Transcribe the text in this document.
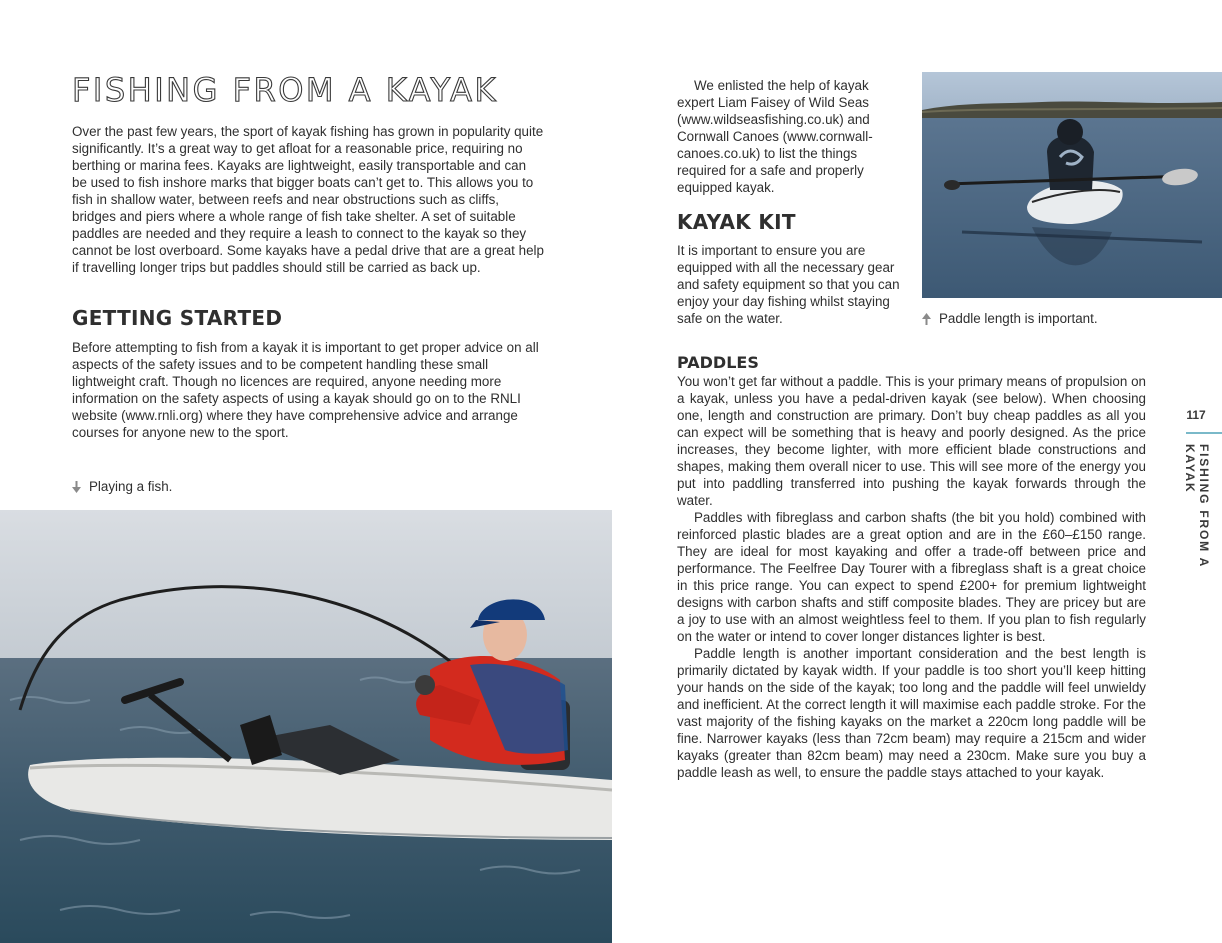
FISHING FROM A KAYAK

Over the past few years, the sport of kayak fishing has grown in popularity quite significantly. It’s a great way to get afloat for a reasonable price, requiring no berthing or marina fees. Kayaks are lightweight, easily transportable and can be used to fish inshore marks that bigger boats can’t get to. This allows you to fish in shallow water, between reefs and near obstructions such as cliffs, bridges and piers where a whole range of fish take shelter. A set of suitable paddles are needed and they require a leash to connect to the kayak so they cannot be lost overboard. Some kayaks have a pedal drive that are a great help if travelling longer trips but paddles should still be carried as back up.

GETTING STARTED

Before attempting to fish from a kayak it is important to get proper advice on all aspects of the safety issues and to be competent handling these small lightweight craft. Though no licences are required, anyone needing more information on the safety aspects of using a kayak should go on to the RNLI website (www.rnli.org) where they have comprehensive advice and arrange courses for anyone new to the sport.

Playing a fish.

We enlisted the help of kayak expert Liam Faisey of Wild Seas (www.wildseasfishing.co.uk) and Cornwall Canoes (www.cornwall-canoes.co.uk) to list the things required for a safe and properly equipped kayak.

KAYAK KIT

It is important to ensure you are equipped with all the necessary gear and safety equipment so that you can enjoy your day fishing whilst staying safe on the water.	Paddle length is important.
PADDLES

You won’t get far without a paddle. This is your primary means of propulsion on a kayak, unless you have a pedal-driven kayak (see below). When choosing one, length and construction are primary. Don’t buy cheap paddles as all you can expect will be something that is heavy and poorly designed. As the price increases, they become lighter, with more efficient blade constructions and shapes, making them overall nicer to use. This will see more of the energy you put into paddling transferred into pushing the kayak forwards through the water.

Paddles with fibreglass and carbon shafts (the bit you hold) combined with reinforced plastic blades are a great option and are in the £60–£150 range. They are ideal for most kayaking and offer a trade-off between price and performance. The Feelfree Day Tourer with a fibreglass shaft is a great choice in this price range. You can expect to spend £200+ for premium lightweight designs with carbon shafts and stiff composite blades. They are pricey but are a joy to use with an almost weightless feel to them. If you plan to fish regularly on the water or intend to cover longer distances lighter is best.

Paddle length is another important consideration and the best length is primarily dictated by kayak width. If your paddle is too short you’ll keep hitting your hands on the side of the kayak; too long and the paddle will feel unwieldy and inefficient. At the correct length it will maximise each paddle stroke. For the vast majority of the fishing kayaks on the market a 220cm long paddle will be fine. Narrower kayaks (less than 72cm beam) may require a 215cm and wider kayaks (greater than 82cm beam) may need a 230cm. Make sure you buy a paddle leash as well, to ensure the paddle stays attached to your kayak.

117
FISHING FROM A KAYAK
